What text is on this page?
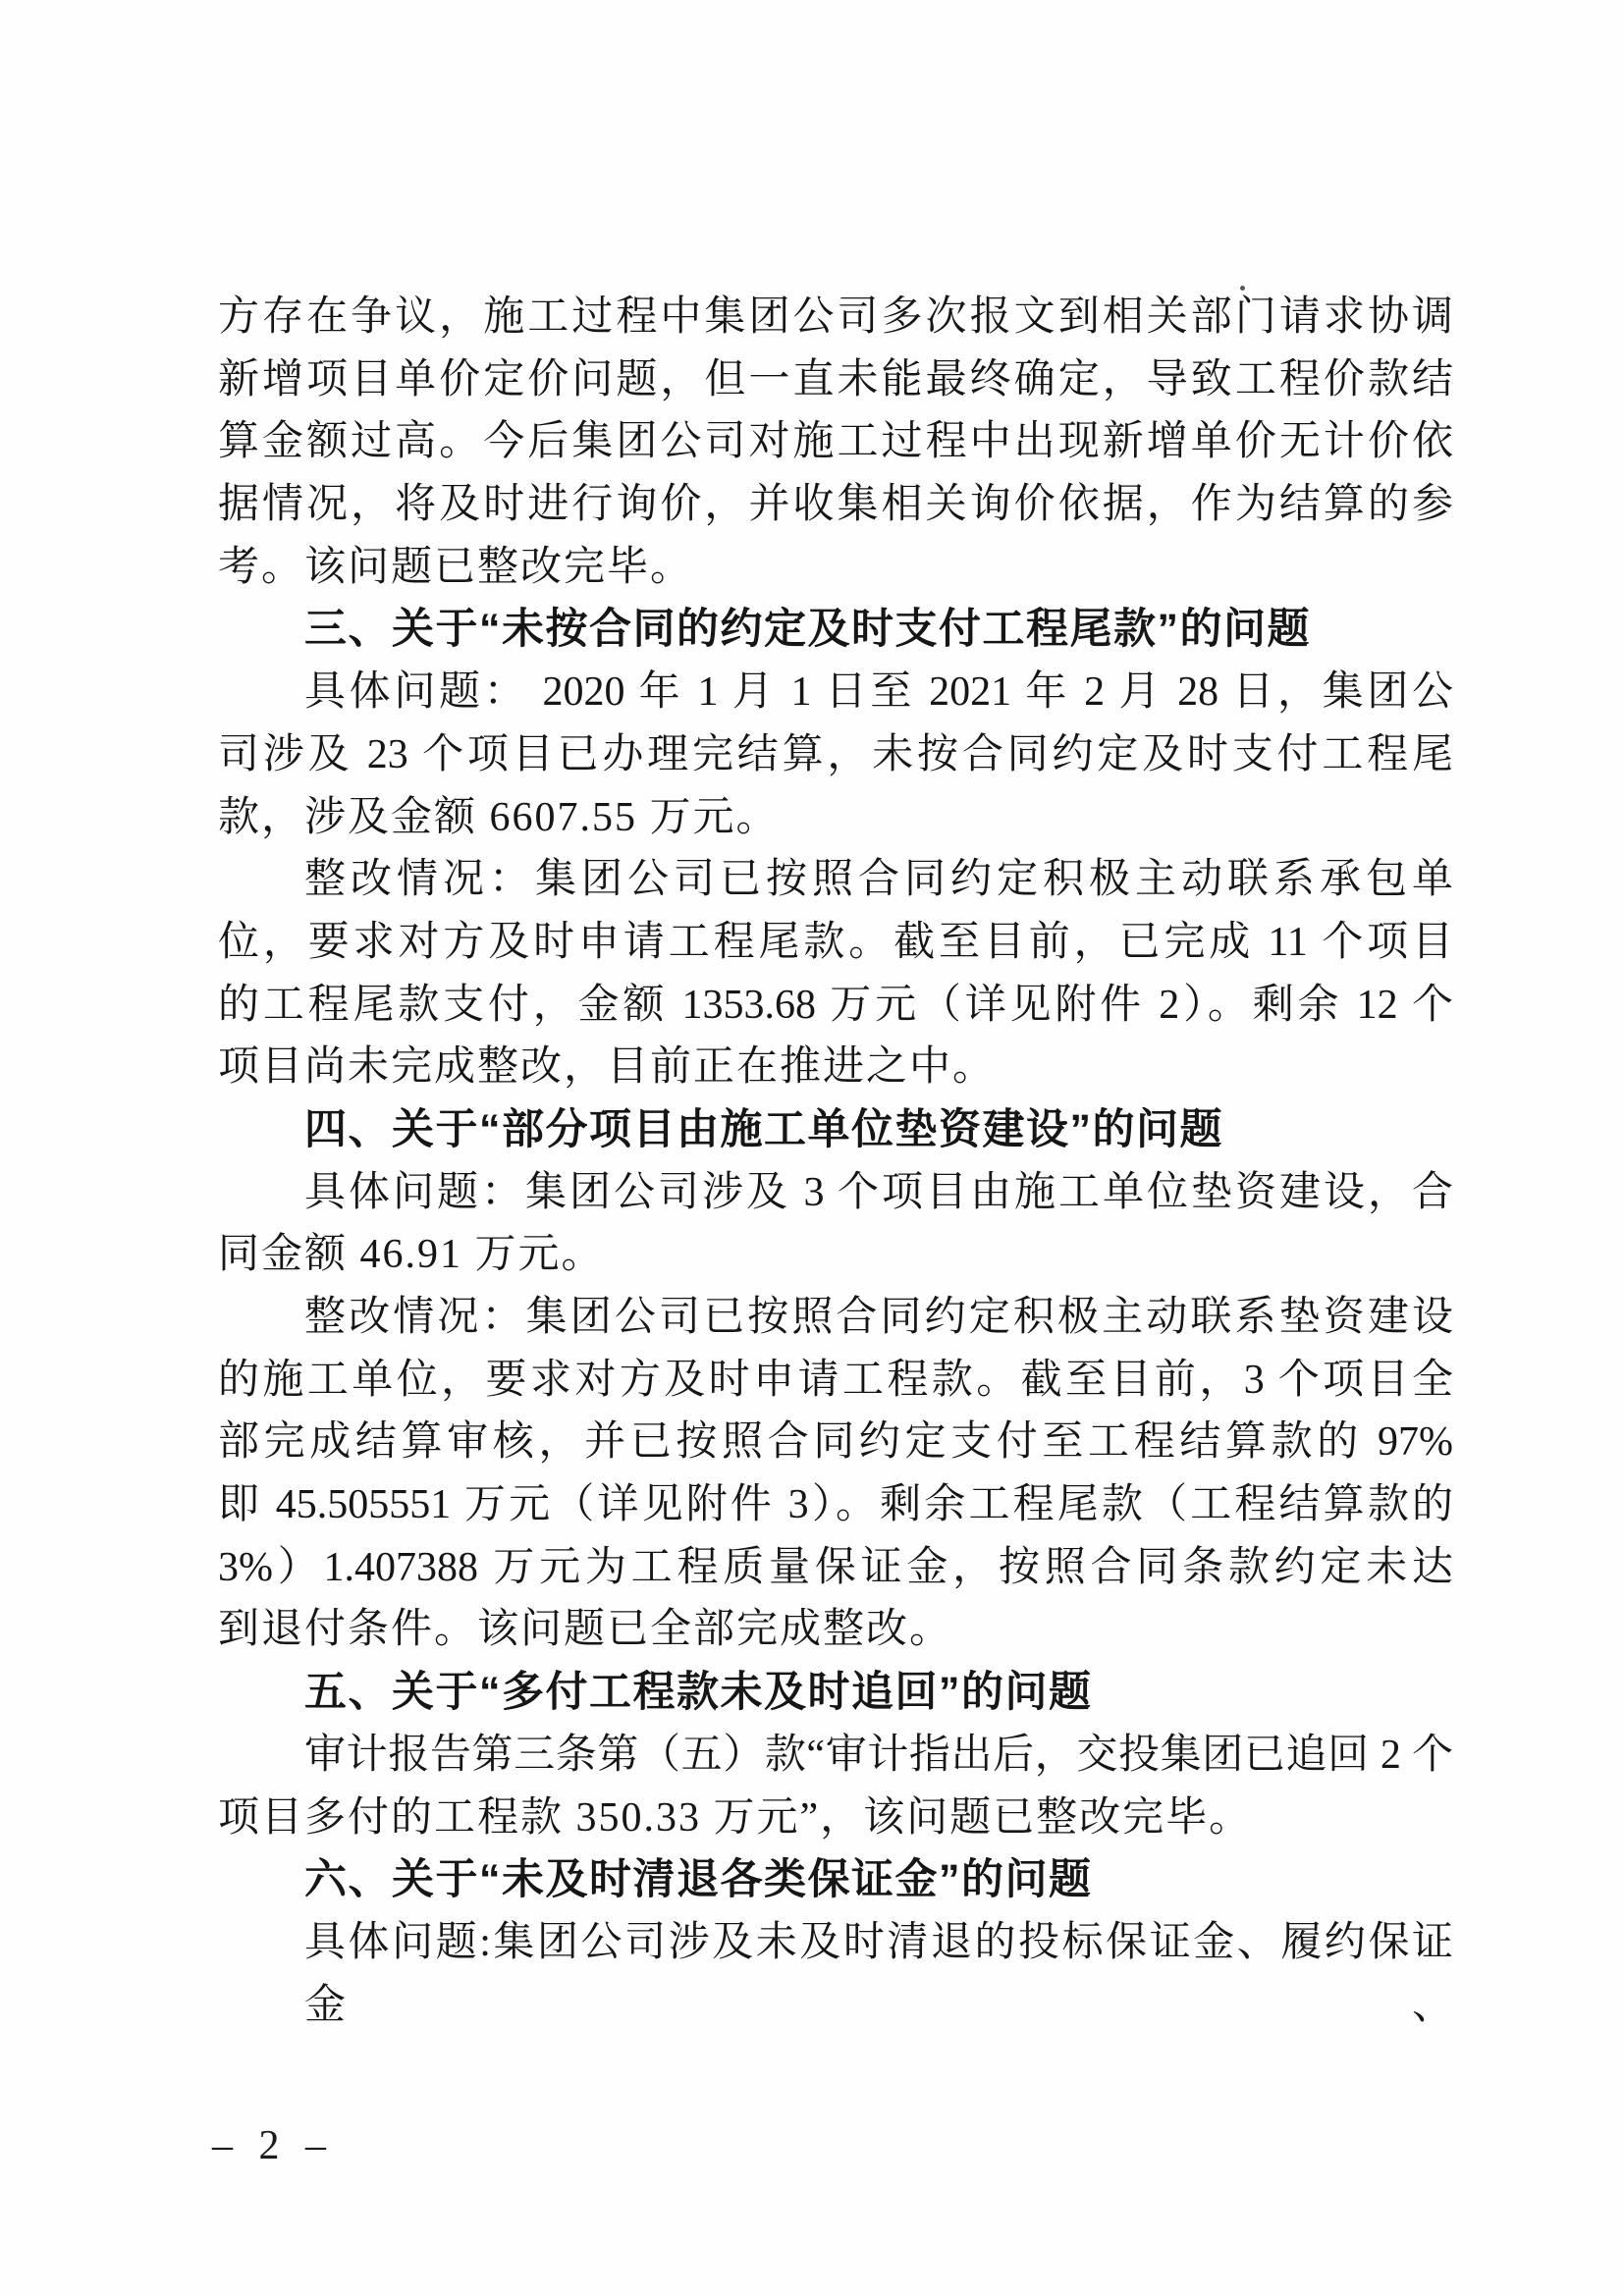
方存在争议，施工过程中集团公司多次报文到相关部门请求协调
新增项目单价定价问题，但一直未能最终确定，导致工程价款结
算金额过高。今后集团公司对施工过程中出现新增单价无计价依
据情况，将及时进行询价，并收集相关询价依据，作为结算的参
考。该问题已整改完毕。
三、关于“未按合同的约定及时支付工程尾款”的问题
具体问题： 2020 年 1 月 1 日至 2021 年 2 月 28 日，集团公
司涉及 23 个项目已办理完结算，未按合同约定及时支付工程尾
款，涉及金额 6607.55 万元。
整改情况：集团公司已按照合同约定积极主动联系承包单
位，要求对方及时申请工程尾款。截至目前，已完成 11 个项目
的工程尾款支付，金额 1353.68 万元（详见附件 2）。剩余 12 个
项目尚未完成整改，目前正在推进之中。
四、关于“部分项目由施工单位垫资建设”的问题
具体问题：集团公司涉及 3 个项目由施工单位垫资建设，合
同金额 46.91 万元。
整改情况：集团公司已按照合同约定积极主动联系垫资建设
的施工单位，要求对方及时申请工程款。截至目前，3 个项目全
部完成结算审核，并已按照合同约定支付至工程结算款的 97%
即 45.505551 万元（详见附件 3）。剩余工程尾款（工程结算款的
3%）1.407388 万元为工程质量保证金，按照合同条款约定未达
到退付条件。该问题已全部完成整改。
五、关于“多付工程款未及时追回”的问题
审计报告第三条第（五）款“审计指出后，交投集团已追回 2 个
项目多付的工程款 350.33 万元”，该问题已整改完毕。
六、关于“未及时清退各类保证金”的问题
具体问题:集团公司涉及未及时清退的投标保证金、履约保证金、
– 2 –
